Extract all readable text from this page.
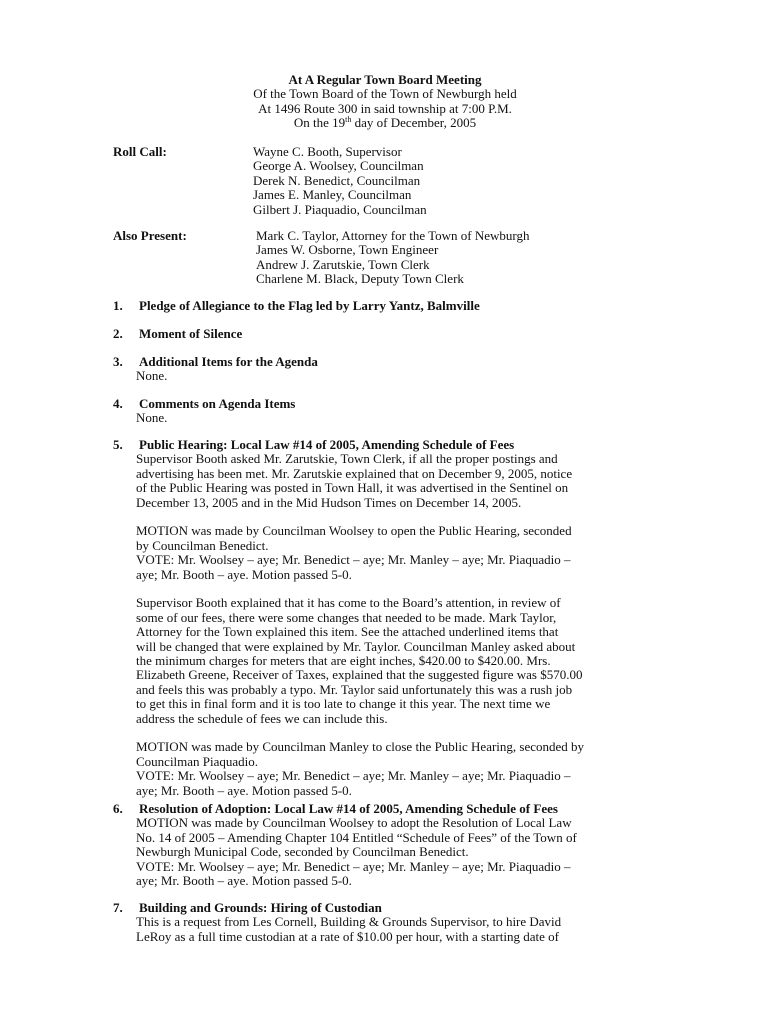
At A Regular Town Board Meeting
Of the Town Board of the Town of Newburgh held
At 1496 Route 300 in said township at 7:00 P.M.
On the 19th day of December, 2005
Roll Call:	Wayne C. Booth, Supervisor
George A. Woolsey, Councilman
Derek N. Benedict, Councilman
James E. Manley, Councilman
Gilbert J. Piaquadio, Councilman
Also Present:	Mark C. Taylor, Attorney for the Town of Newburgh
James W. Osborne, Town Engineer
Andrew J. Zarutskie, Town Clerk
Charlene M. Black, Deputy Town Clerk
1.	Pledge of Allegiance to the Flag led by Larry Yantz, Balmville
2.	Moment of Silence
3.	Additional Items for the Agenda

None.

4.	Comments on Agenda Items

None.

5.	Public Hearing: Local Law #14 of 2005, Amending Schedule of Fees

Supervisor Booth asked Mr. Zarutskie, Town Clerk, if all the proper postings and

advertising has been met. Mr. Zarutskie explained that on December 9, 2005, notice

of the Public Hearing was posted in Town Hall, it was advertised in the Sentinel on

December 13, 2005 and in the Mid Hudson Times on December 14, 2005.

MOTION was made by Councilman Woolsey to open the Public Hearing, seconded

by Councilman Benedict.

VOTE: Mr. Woolsey – aye; Mr. Benedict – aye; Mr. Manley – aye; Mr. Piaquadio –

aye; Mr. Booth – aye. Motion passed 5-0.

Supervisor Booth explained that it has come to the Board’s attention, in review of

some of our fees, there were some changes that needed to be made. Mark Taylor,

Attorney for the Town explained this item. See the attached underlined items that

will be changed that were explained by Mr. Taylor. Councilman Manley asked about

the minimum charges for meters that are eight inches, $420.00 to $420.00. Mrs.

Elizabeth Greene, Receiver of Taxes, explained that the suggested figure was $570.00

and feels this was probably a typo. Mr. Taylor said unfortunately this was a rush job

to get this in final form and it is too late to change it this year. The next time we

address the schedule of fees we can include this.

MOTION was made by Councilman Manley to close the Public Hearing, seconded by

Councilman Piaquadio.

VOTE: Mr. Woolsey – aye; Mr. Benedict – aye; Mr. Manley – aye; Mr. Piaquadio –

aye; Mr. Booth – aye. Motion passed 5-0.

6.	Resolution of Adoption: Local Law #14 of 2005, Amending Schedule of Fees

MOTION was made by Councilman Woolsey to adopt the Resolution of Local Law

No. 14 of 2005 – Amending Chapter 104 Entitled “Schedule of Fees” of the Town of

Newburgh Municipal Code, seconded by Councilman Benedict.

VOTE: Mr. Woolsey – aye; Mr. Benedict – aye; Mr. Manley – aye; Mr. Piaquadio –

aye; Mr. Booth – aye. Motion passed 5-0.

7.	Building and Grounds: Hiring of Custodian

This is a request from Les Cornell, Building & Grounds Supervisor, to hire David

LeRoy as a full time custodian at a rate of $10.00 per hour, with a starting date of
